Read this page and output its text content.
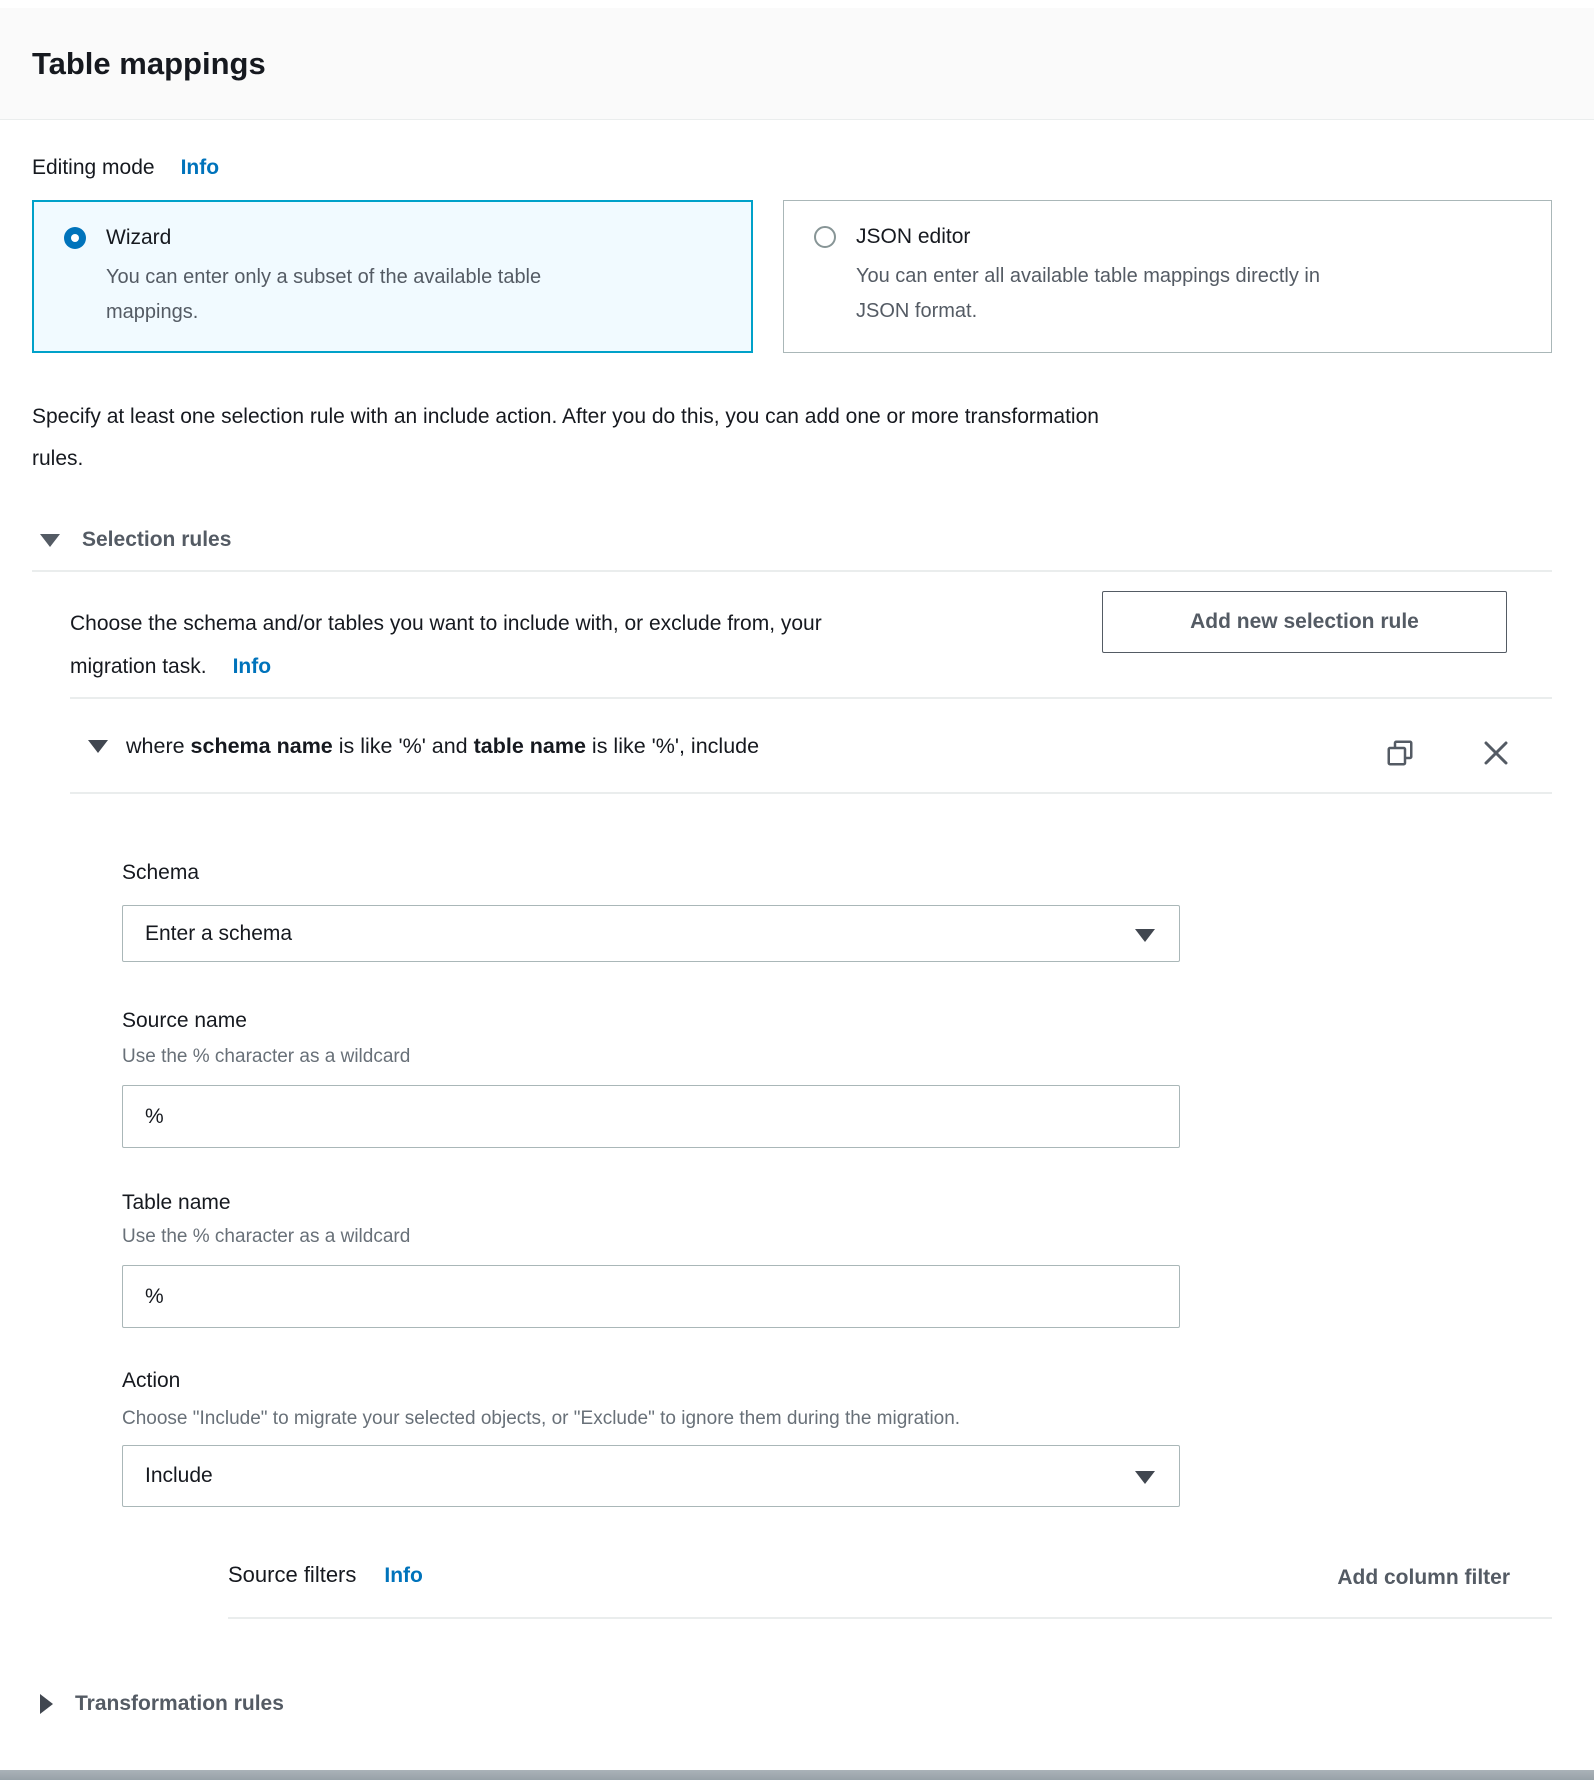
Table mappings
Editing mode Info
Wizard
You can enter only a subset of the available table
mappings.
JSON editor
You can enter all available table mappings directly in
JSON format.
Specify at least one selection rule with an include action. After you do this, you can add one or more transformation
rules.
Selection rules
Choose the schema and/or tables you want to include with, or exclude from, your
migration task. Info
Add new selection rule
where schema name is like '%' and table name is like '%', include
Schema
Enter a schema
Source name
Use the % character as a wildcard
%
Table name
Use the % character as a wildcard
%
Action
Choose "Include" to migrate your selected objects, or "Exclude" to ignore them during the migration.
Include
Source filters Info	Add column filter
Transformation rules
